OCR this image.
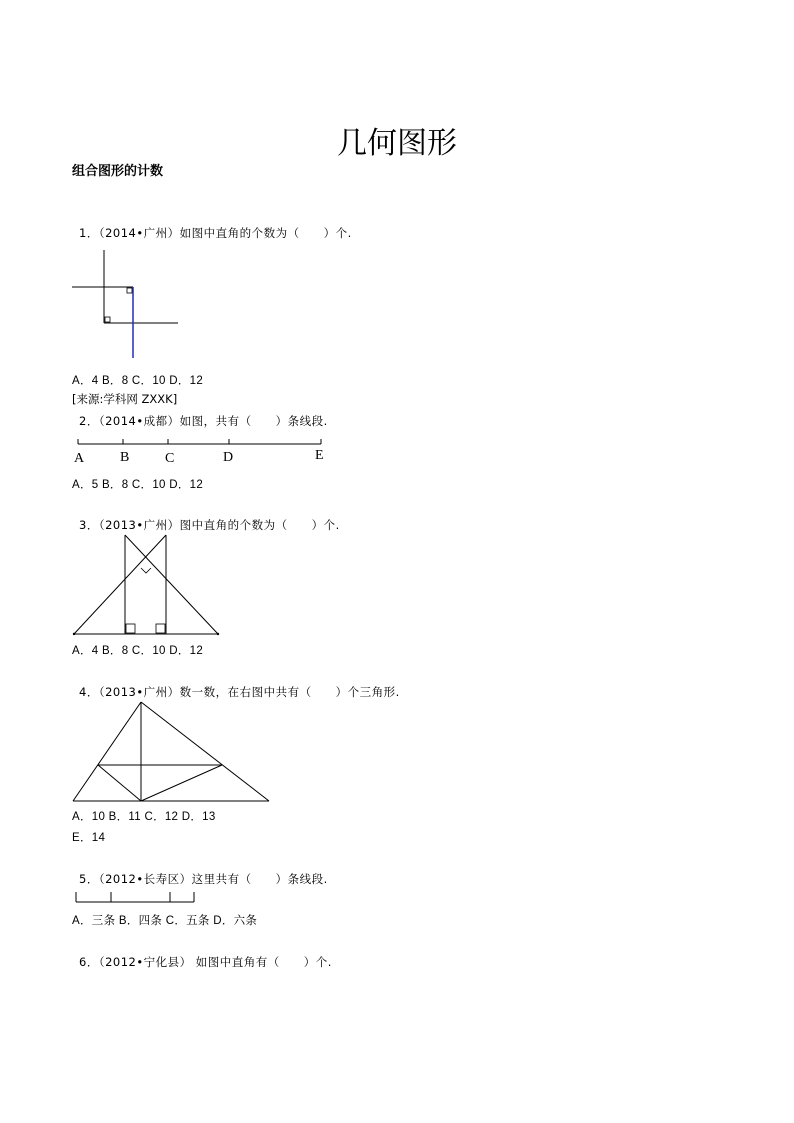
几何图形
组合图形的计数
1．（2014•广州）如图中直角的个数为（　　）个.
A．4 B．8 C．10 D．12
[来源:学科网 ZXXK]
2．（2014•成都）如图，共有（　　）条线段.
A	B	C	D	E
A．5 B．8 C．10 D．12
3．（2013•广州）图中直角的个数为（　　）个.
A．4 B．8 C．10 D．12
4．（2013•广州）数一数，在右图中共有（　　）个三角形.
A．10 B．11 C．12 D．13
E．14
5．（2012•长寿区）这里共有（　　）条线段.
A．三条 B．四条 C．五条 D．六条
6．（2012•宁化县） 如图中直角有（　　）个.
